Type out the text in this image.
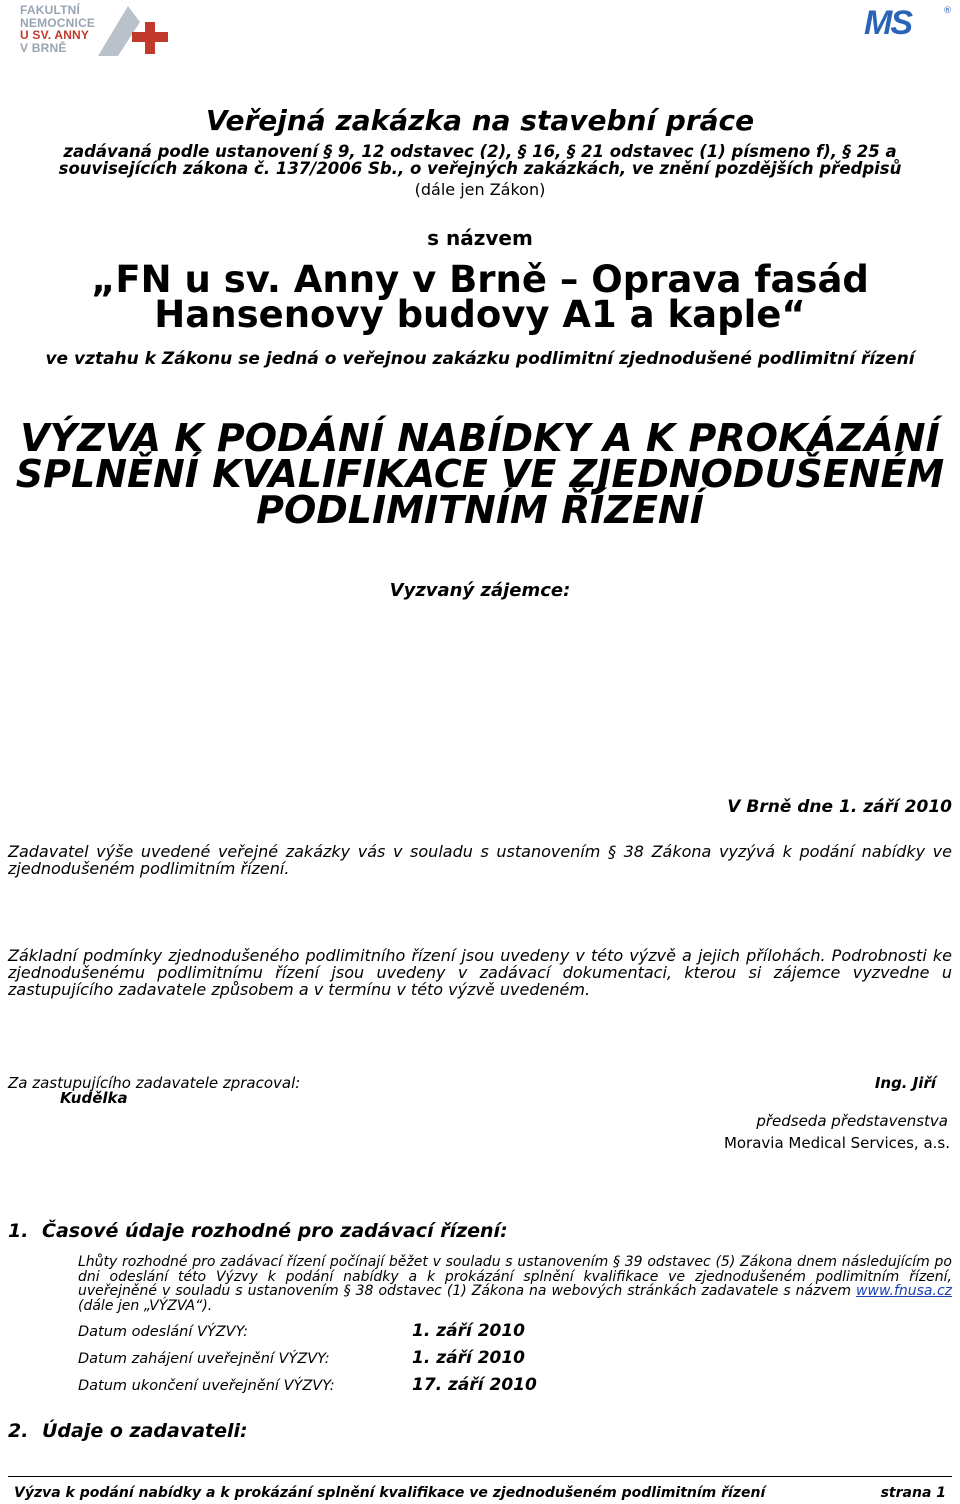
FAKULTNÍ
NEMOCNICE
U SV. ANNY
V BRNĚ
MS	®
Veřejná zakázka na stavební práce
zadávaná podle ustanovení § 9, 12 odstavec (2), § 16, § 21 odstavec (1) písmeno f), § 25 a souvisejících zákona č. 137/2006 Sb., o veřejných zakázkách, ve znění pozdějších předpisů
(dále jen Zákon)
s názvem
„FN u sv. Anny v Brně – Oprava fasád Hansenovy budovy A1 a kaple“
ve vztahu k Zákonu se jedná o veřejnou zakázku podlimitní zjednodušené podlimitní řízení
VÝZVA K PODÁNÍ NABÍDKY A K PROKÁZÁNÍ SPLNĚNÍ KVALIFIKACE VE ZJEDNODUŠENÉM PODLIMITNÍM ŘÍZENÍ
Vyzvaný zájemce:
V Brně dne 1. září 2010
Zadavatel výše uvedené veřejné zakázky vás v souladu s ustanovením § 38 Zákona vyzývá k podání nabídky ve zjednodušeném podlimitním řízení.
Základní podmínky zjednodušeného podlimitního řízení jsou uvedeny v této výzvě a jejich přílohách. Podrobnosti ke zjednodušenému podlimitnímu řízení jsou uvedeny v zadávací dokumentaci, kterou si zájemce vyzvedne u zastupujícího zadavatele způsobem a v termínu v této výzvě uvedeném.
Za zastupujícího zadavatele zpracoval:	Ing. Jiří
Kudělka
předseda představenstva
Moravia Medical Services, a.s.
1. Časové údaje rozhodné pro zadávací řízení:
Lhůty rozhodné pro zadávací řízení počínají běžet v souladu s ustanovením § 39 odstavec (5) Zákona dnem následujícím po dni odeslání této Výzvy k podání nabídky a k prokázání splnění kvalifikace ve zjednodušeném podlimitním řízení, uveřejněné v souladu s ustanovením § 38 odstavec (1) Zákona na webových stránkách zadavatele s názvem www.fnusa.cz (dále jen „VÝZVA“).
Datum odeslání VÝZVY:	1. září 2010
Datum zahájení uveřejnění VÝZVY:	1. září 2010
Datum ukončení uveřejnění VÝZVY:	17. září 2010
2. Údaje o zadavateli:
Výzva k podání nabídky a k prokázání splnění kvalifikace ve zjednodušeném podlimitním řízení	strana 1
